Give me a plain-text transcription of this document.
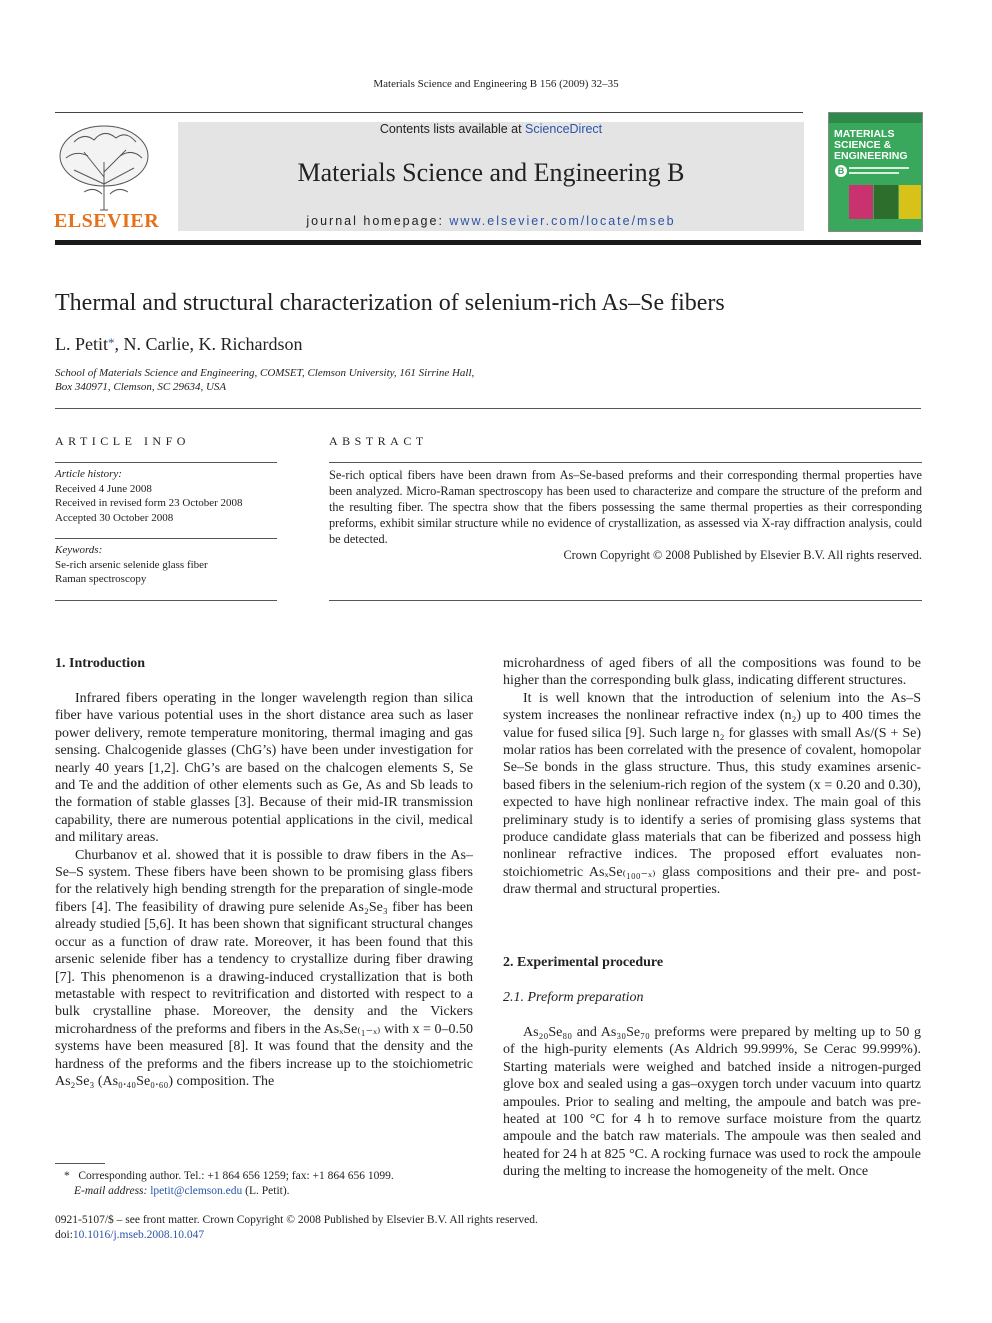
Materials Science and Engineering B 156 (2009) 32–35
ELSEVIER
Contents lists available at ScienceDirect
Materials Science and Engineering B
journal homepage: www.elsevier.com/locate/mseb
MATERIALS SCIENCE & ENGINEERING
B
Thermal and structural characterization of selenium-rich As–Se fibers
L. Petit*, N. Carlie, K. Richardson
School of Materials Science and Engineering, COMSET, Clemson University, 161 Sirrine Hall,
Box 340971, Clemson, SC 29634, USA
ARTICLE INFO
Article history:
Received 4 June 2008
Received in revised form 23 October 2008
Accepted 30 October 2008
Keywords:
Se-rich arsenic selenide glass fiber
Raman spectroscopy
ABSTRACT
Se-rich optical fibers have been drawn from As–Se-based preforms and their corresponding thermal properties have been analyzed. Micro-Raman spectroscopy has been used to characterize and compare the structure of the preform and the resulting fiber. The spectra show that the fibers possessing the same thermal properties as their corresponding preforms, exhibit similar structure while no evidence of crystallization, as assessed via X-ray diffraction analysis, could be detected.
Crown Copyright © 2008 Published by Elsevier B.V. All rights reserved.
1. Introduction

Infrared fibers operating in the longer wavelength region than silica fiber have various potential uses in the short distance area such as laser power delivery, remote temperature monitoring, thermal imaging and gas sensing. Chalcogenide glasses (ChG’s) have been under investigation for nearly 40 years [1,2]. ChG’s are based on the chalcogen elements S, Se and Te and the addition of other elements such as Ge, As and Sb leads to the formation of stable glasses [3]. Because of their mid-IR transmission capability, there are numerous potential applications in the civil, medical and military areas.

Churbanov et al. showed that it is possible to draw fibers in the As–Se–S system. These fibers have been shown to be promising glass fibers for the relatively high bending strength for the preparation of single-mode fibers [4]. The feasibility of drawing pure selenide As₂Se₃ fiber has been already studied [5,6]. It has been shown that significant structural changes occur as a function of draw rate. Moreover, it has been found that this arsenic selenide fiber has a tendency to crystallize during fiber drawing [7]. This phenomenon is a drawing-induced crystallization that is both metastable with respect to revitrification and distorted with respect to a bulk crystalline phase. Moreover, the density and the Vickers microhardness of the preforms and fibers in the AsₓSe₍₁₋ₓ₎ with x = 0–0.50 systems have been measured [8]. It was found that the density and the hardness of the preforms and the fibers increase up to the stoichiometric As₂Se₃ (As₀.₄₀Se₀.₆₀) composition. The

microhardness of aged fibers of all the compositions was found to be higher than the corresponding bulk glass, indicating different structures.

It is well known that the introduction of selenium into the As–S system increases the nonlinear refractive index (n₂) up to 400 times the value for fused silica [9]. Such large n₂ for glasses with small As/(S + Se) molar ratios has been correlated with the presence of covalent, homopolar Se–Se bonds in the glass structure. Thus, this study examines arsenic-based fibers in the selenium-rich region of the system (x = 0.20 and 0.30), expected to have high nonlinear refractive index. The main goal of this preliminary study is to identify a series of promising glass systems that produce candidate glass materials that can be fiberized and possess high nonlinear refractive indices. The proposed effort evaluates non-stoichiometric AsₓSe₍₁₀₀₋ₓ₎ glass compositions and their pre- and post-draw thermal and structural properties.

2. Experimental procedure
2.1. Preform preparation

As₂₀Se₈₀ and As₃₀Se₇₀ preforms were prepared by melting up to 50 g of the high-purity elements (As Aldrich 99.999%, Se Cerac 99.999%). Starting materials were weighed and batched inside a nitrogen-purged glove box and sealed using a gas–oxygen torch under vacuum into quartz ampoules. Prior to sealing and melting, the ampoule and batch was pre-heated at 100 °C for 4 h to remove surface moisture from the quartz ampoule and the batch raw materials. The ampoule was then sealed and heated for 24 h at 825 °C. A rocking furnace was used to rock the ampoule during the melting to increase the homogeneity of the melt. Once

* Corresponding author. Tel.: +1 864 656 1259; fax: +1 864 656 1099.
E-mail address: lpetit@clemson.edu (L. Petit).
0921-5107/$ – see front matter. Crown Copyright © 2008 Published by Elsevier B.V. All rights reserved.
doi:10.1016/j.mseb.2008.10.047
